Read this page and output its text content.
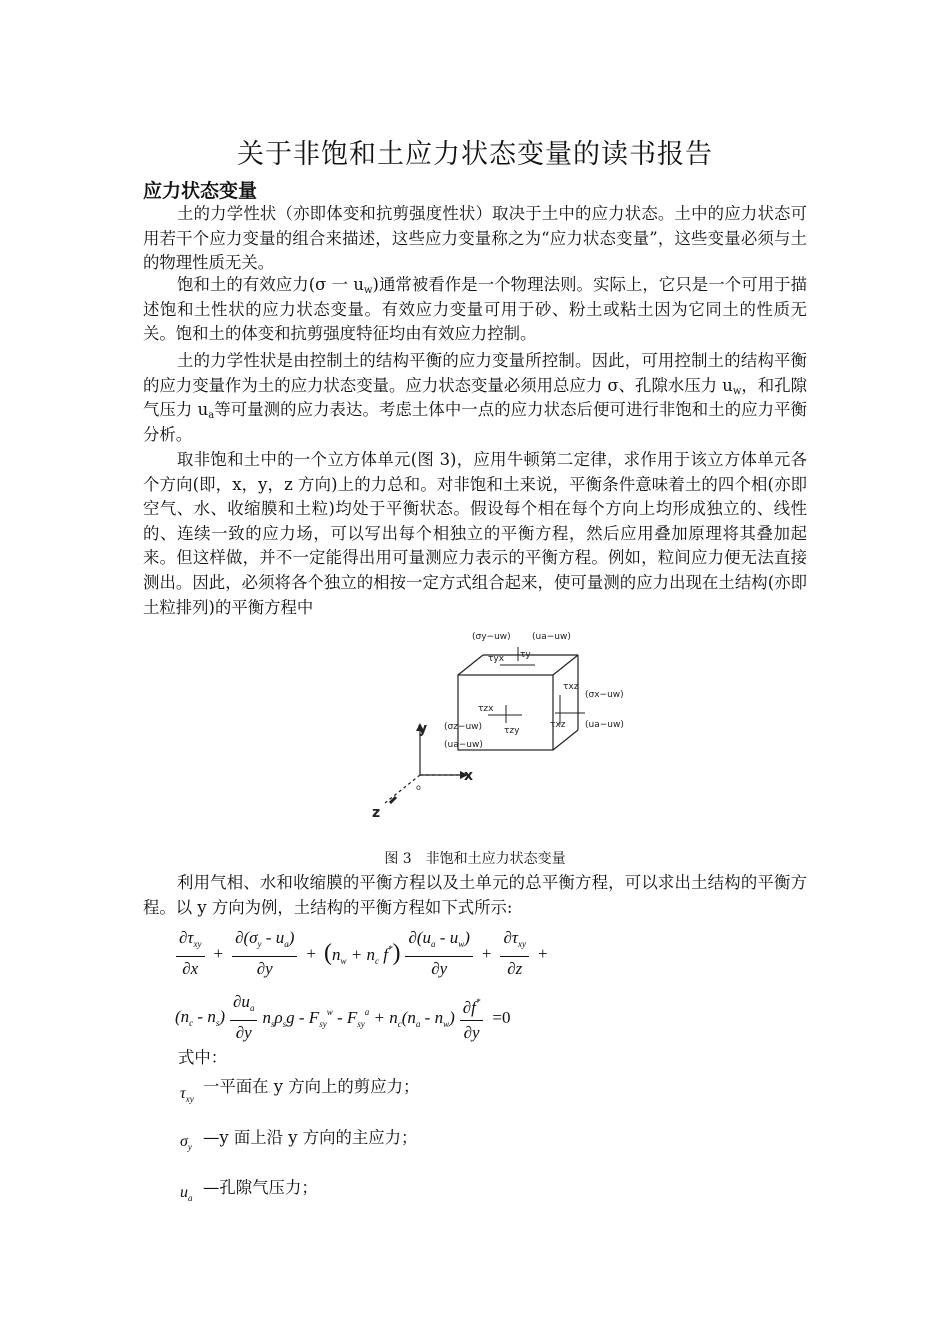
关于非饱和土应力状态变量的读书报告
应力状态变量

土的力学性状（亦即体变和抗剪强度性状）取决于土中的应力状态。土中的应力状态可用若干个应力变量的组合来描述，这些应力变量称之为“应力状态变量”，这些变量必须与土的物理性质无关。

饱和土的有效应力(σ 一 $u_w$)通常被看作是一个物理法则。实际上，它只是一个可用于描述饱和土性状的应力状态变量。有效应力变量可用于砂、粉土或粘土因为它同土的性质无关。饱和土的体变和抗剪强度特征均由有效应力控制。

土的力学性状是由控制土的结构平衡的应力变量所控制。因此，可用控制土的结构平衡的应力变量作为土的应力状态变量。应力状态变量必须用总应力 σ、孔隙水压力 $u_w$，和孔隙气压力 $u_a$等可量测的应力表达。考虑土体中一点的应力状态后便可进行非饱和土的应力平衡分析。

取非饱和土中的一个立方体单元(图 3)，应用牛顿第二定律，求作用于该立方体单元各个方向(即，x，y，z 方向)上的力总和。对非饱和土来说，平衡条件意味着土的四个相(亦即空气、水、收缩膜和土粒)均处于平衡状态。假设每个相在每个方向上均形成独立的、线性的、连续一致的应力场，可以写出每个相独立的平衡方程，然后应用叠加原理将其叠加起来。但这样做，并不一定能得出用可量测应力表示的平衡方程。例如，粒间应力便无法直接测出。因此，必须将各个独立的相按一定方式组合起来，使可量测的应力出现在土结构(亦即土粒排列)的平衡方程中

(σy−uw) (ua−uw)
τyx τy
τxz
(σx−uw)
(ua−uw)
τxz
τzx
τzy
(σz−uw)
(ua−uw)
o
y
x
z
图 3　非饱和土应力状态变量

利用气相、水和收缩膜的平衡方程以及土单元的总平衡方程，可以求出土结构的平衡方程。以 y 方向为例，土结构的平衡方程如下式所示:

$\frac{\partial\tau_{xy}}{\partial x} + \frac{\partial(\sigma_y - u_a)}{\partial y} + (n_w + n_c$ $f^*) \frac{\partial(u_a - u_w)}{\partial y} + \frac{\partial\tau_{xy}}{\partial z}$ +
$(n_c - n_s) \frac{\partial u_a}{\partial y} n_s\rho_sg - F_{sy}^w - F_{sy}^a + n_c(n_a - n_w) \frac{\partial f^*}{\partial y} =0$
式中：
$\tau_{xy}$
一平面在 y 方向上的剪应力；
$\sigma_y$ —y 面上沿 y 方向的主应力；
$u_a$
—孔隙气压力；
